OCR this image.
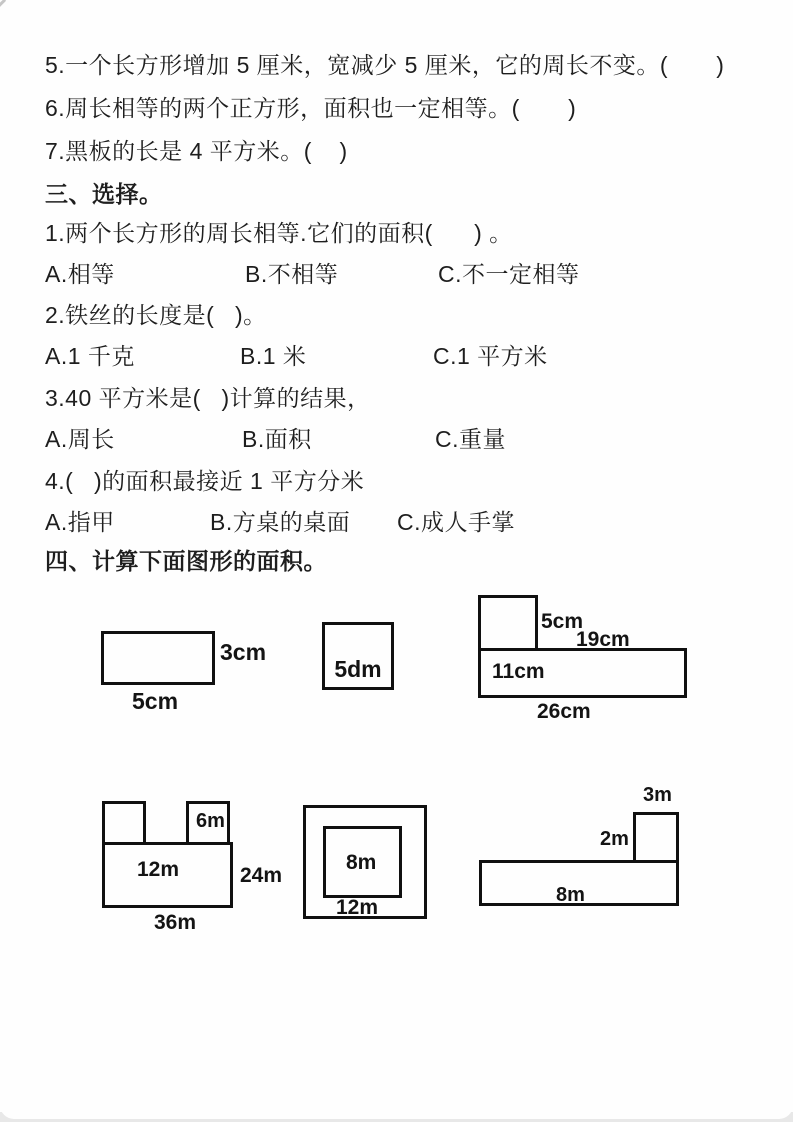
5.一个长方形增加 5 厘米，宽减少 5 厘米，它的周长不变。(       )
6.周长相等的两个正方形，面积也一定相等。(       )
7.黑板的长是 4 平方米。(    )
三、选择。
1.两个长方形的周长相等.它们的面积(      ) 。
A.相等	B.不相等	C.不一定相等
2.铁丝的长度是(   )。
A.1 千克	B.1 米	C.1 平方米
3.40 平方米是(   )计算的结果，
A.周长	B.面积	C.重量
4.(   )的面积最接近 1 平方分米
A.指甲	B.方桌的桌面 C.成人手掌
四、计算下面图形的面积。
3cm
5cm
5dm
5cm
19cm
11cm
26cm
6m
12m	24m
36m
8m
12m
3m
2m
8m
